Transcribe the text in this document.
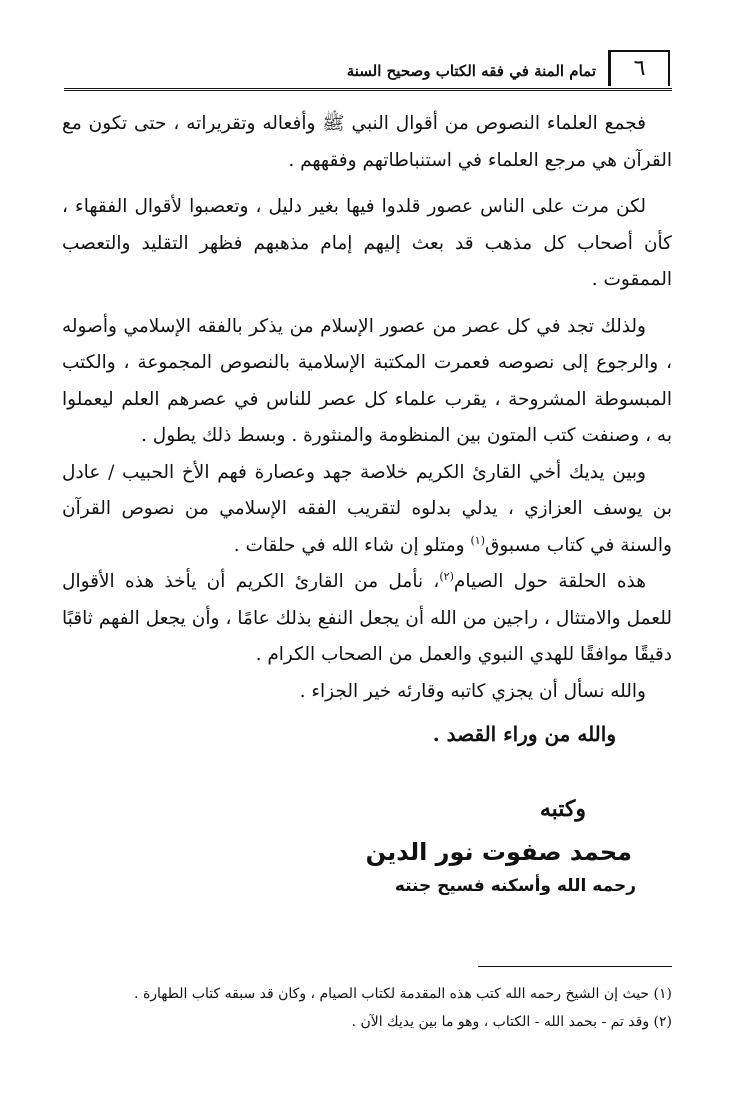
٦
تمام المنة في فقه الكتاب وصحيح السنة

فجمع العلماء النصوص من أقوال النبي ﷺ وأفعاله وتقريراته ، حتى تكون مع القرآن هي مرجع العلماء في استنباطاتهم وفقههم .

لكن مرت على الناس عصور قلدوا فيها بغير دليل ، وتعصبوا لأقوال الفقهاء ، كأن أصحاب كل مذهب قد بعث إليهم إمام مذهبهم فظهر التقليد والتعصب الممقوت .

ولذلك تجد في كل عصر من عصور الإسلام من يذكر بالفقه الإسلامي وأصوله ، والرجوع إلى نصوصه فعمرت المكتبة الإسلامية بالنصوص المجموعة ، والكتب المبسوطة المشروحة ، يقرب علماء كل عصر للناس في عصرهم العلم ليعملوا به ، وصنفت كتب المتون بين المنظومة والمنثورة . وبسط ذلك يطول .

وبين يديك أخي القارئ الكريم خلاصة جهد وعصارة فهم الأخ الحبيب / عادل بن يوسف العزازي ، يدلي بدلوه لتقريب الفقه الإسلامي من نصوص القرآن والسنة في كتاب مسبوق$^{(١)}$ ومتلو إن شاء الله في حلقات .

هذه الحلقة حول الصيام$^{(٢)}$، نأمل من القارئ الكريم أن يأخذ هذه الأقوال للعمل والامتثال ، راجين من الله أن يجعل النفع بذلك عامًا ، وأن يجعل الفهم ثاقبًا دقيقًا موافقًا للهدي النبوي والعمل من الصحاب الكرام .

والله نسأل أن يجزي كاتبه وقارئه خير الجزاء .

والله من وراء القصد .
وكتبه
محمد صفوت نور الدين
رحمه الله وأسكنه فسيح جنته
(١) حيث إن الشيخ رحمه الله كتب هذه المقدمة لكتاب الصيام ، وكان قد سبقه كتاب الطهارة .
(٢) وقد تم - بحمد الله - الكتاب ، وهو ما بين يديك الآن .
